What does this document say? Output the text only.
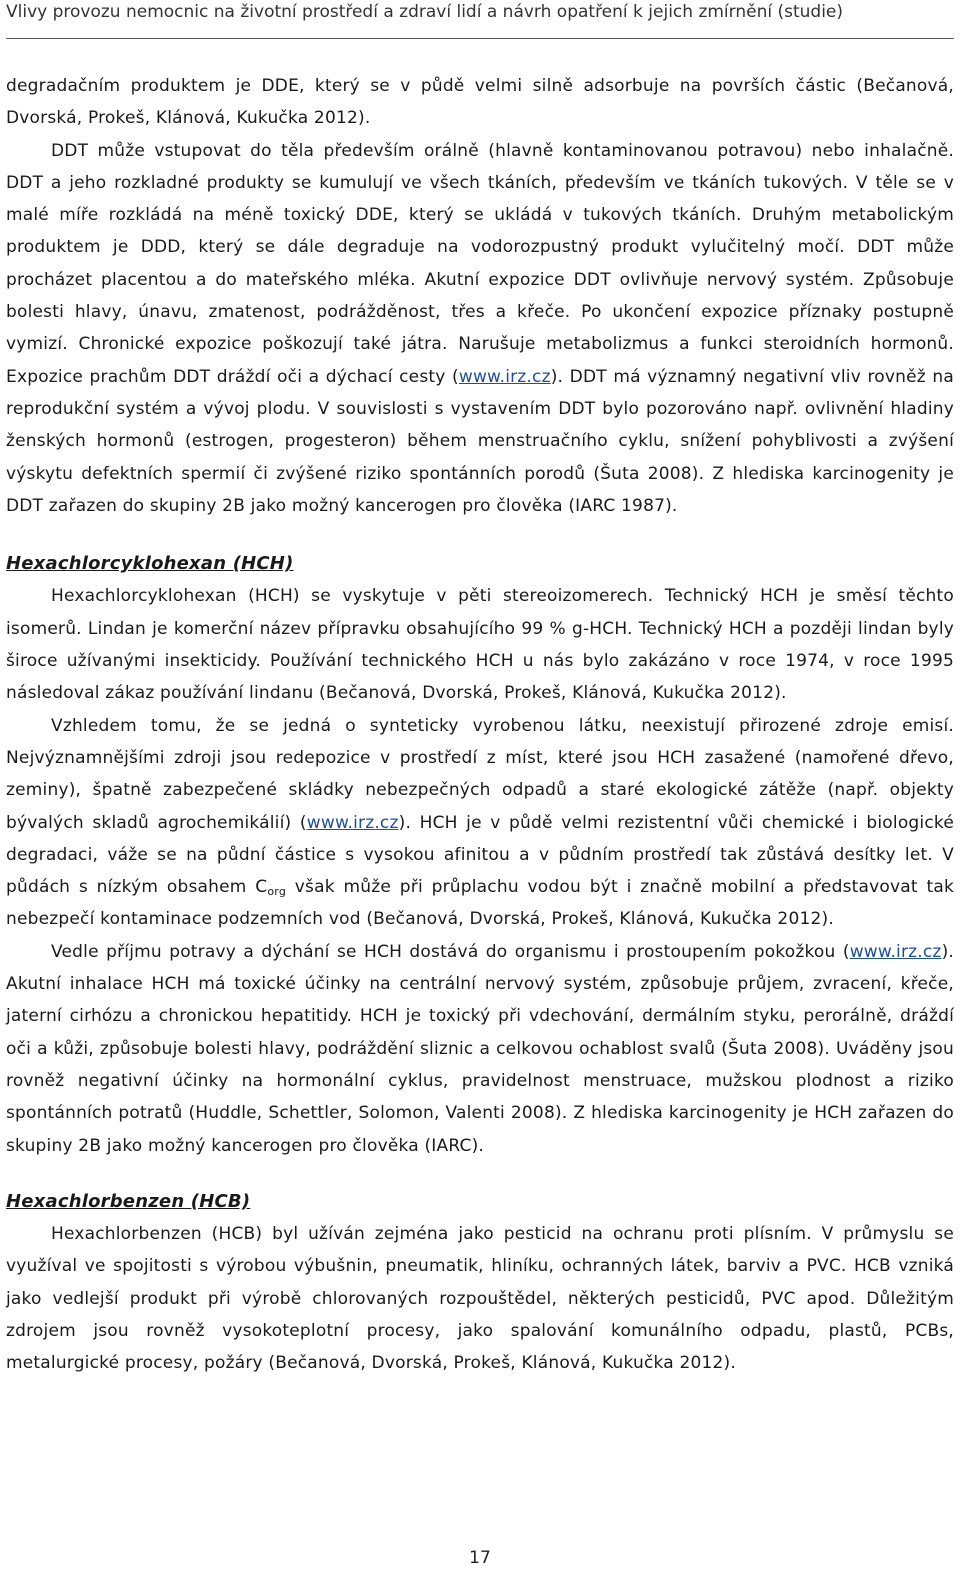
Vlivy provozu nemocnic na životní prostředí a zdraví lidí a návrh opatření k jejich zmírnění (studie)

degradačním produktem je DDE, který se v půdě velmi silně adsorbuje na površích částic (Bečanová, Dvorská, Prokeš, Klánová, Kukučka 2012).

DDT může vstupovat do těla především orálně (hlavně kontaminovanou potravou) nebo inhalačně. DDT a jeho rozkladné produkty se kumulují ve všech tkáních, především ve tkáních tukových. V těle se v malé míře rozkládá na méně toxický DDE, který se ukládá v tukových tkáních. Druhým metabolickým produktem je DDD, který se dále degraduje na vodorozpustný produkt vylučitelný močí. DDT může procházet placentou a do mateřského mléka. Akutní expozice DDT ovlivňuje nervový systém. Způsobuje bolesti hlavy, únavu, zmatenost, podrážděnost, třes a křeče. Po ukončení expozice příznaky postupně vymizí. Chronické expozice poškozují také játra. Narušuje metabolizmus a funkci steroidních hormonů. Expozice prachům DDT dráždí oči a dýchací cesty (www.irz.cz). DDT má významný negativní vliv rovněž na reprodukční systém a vývoj plodu. V souvislosti s vystavením DDT bylo pozorováno např. ovlivnění hladiny ženských hormonů (estrogen, progesteron) během menstruačního cyklu, snížení pohyblivosti a zvýšení výskytu defektních spermií či zvýšené riziko spontánních porodů (Šuta 2008). Z hlediska karcinogenity je DDT zařazen do skupiny 2B jako možný kancerogen pro člověka (IARC 1987).

Hexachlorcyklohexan (HCH)

Hexachlorcyklohexan (HCH) se vyskytuje v pěti stereoizomerech. Technický HCH je směsí těchto isomerů. Lindan je komerční název přípravku obsahujícího 99 % g-HCH. Technický HCH a později lindan byly široce užívanými insekticidy. Používání technického HCH u nás bylo zakázáno v roce 1974, v roce 1995 následoval zákaz používání lindanu (Bečanová, Dvorská, Prokeš, Klánová, Kukučka 2012).

Vzhledem tomu, že se jedná o synteticky vyrobenou látku, neexistují přirozené zdroje emisí. Nejvýznamnějšími zdroji jsou redepozice v prostředí z míst, které jsou HCH zasažené (namořené dřevo, zeminy), špatně zabezpečené skládky nebezpečných odpadů a staré ekologické zátěže (např. objekty bývalých skladů agrochemikálií) (www.irz.cz). HCH je v půdě velmi rezistentní vůči chemické i biologické degradaci, váže se na půdní částice s vysokou afinitou a v půdním prostředí tak zůstává desítky let. V půdách s nízkým obsahem $C_{org}$ však může při průplachu vodou být i značně mobilní a představovat tak nebezpečí kontaminace podzemních vod (Bečanová, Dvorská, Prokeš, Klánová, Kukučka 2012).

Vedle příjmu potravy a dýchání se HCH dostává do organismu i prostoupením pokožkou (www.irz.cz). Akutní inhalace HCH má toxické účinky na centrální nervový systém, způsobuje průjem, zvracení, křeče, jaterní cirhózu a chronickou hepatitidy. HCH je toxický při vdechování, dermálním styku, perorálně, dráždí oči a kůži, způsobuje bolesti hlavy, podráždění sliznic a celkovou ochablost svalů (Šuta 2008). Uváděny jsou rovněž negativní účinky na hormonální cyklus, pravidelnost menstruace, mužskou plodnost a riziko spontánních potratů (Huddle, Schettler, Solomon, Valenti 2008). Z hlediska karcinogenity je HCH zařazen do skupiny 2B jako možný kancerogen pro člověka (IARC).

Hexachlorbenzen (HCB)

Hexachlorbenzen (HCB) byl užíván zejména jako pesticid na ochranu proti plísním. V průmyslu se využíval ve spojitosti s výrobou výbušnin, pneumatik, hliníku, ochranných látek, barviv a PVC. HCB vzniká jako vedlejší produkt při výrobě chlorovaných rozpouštědel, některých pesticidů, PVC apod. Důležitým zdrojem jsou rovněž vysokoteplotní procesy, jako spalování komunálního odpadu, plastů, PCBs, metalurgické procesy, požáry (Bečanová, Dvorská, Prokeš, Klánová, Kukučka 2012).

17
